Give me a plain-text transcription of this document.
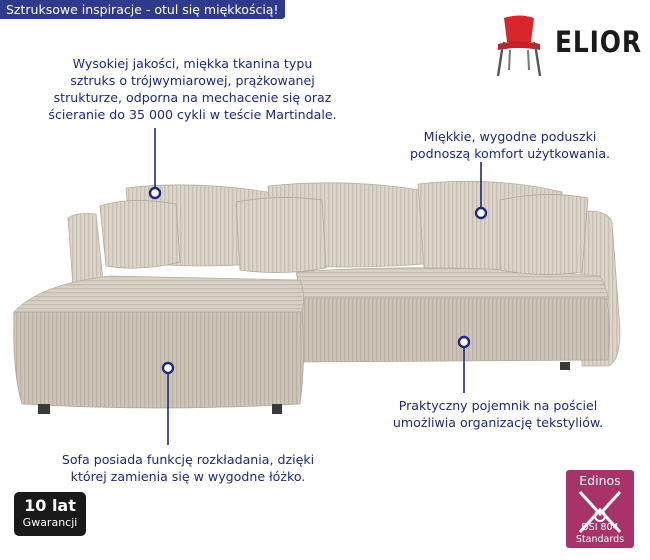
Sztruksowe inspiracje - otul się miękkością!
ELIOR
Wysokiej jakości, miękka tkanina typu
sztruks o trójwymiarowej, prążkowanej
strukturze, odporna na mechacenie się oraz
ścieranie do 35 000 cykli w teście Martindale.
Miękkie, wygodne poduszki
podnoszą komfort użytkowania.
Praktyczny pojemnik na pościel
umożliwia organizację tekstyliów.
Sofa posiada funkcję rozkładania, dzięki
której zamienia się w wygodne łóżko.
10 lat
Gwarancji
Edinos
DSI 804
Standards
